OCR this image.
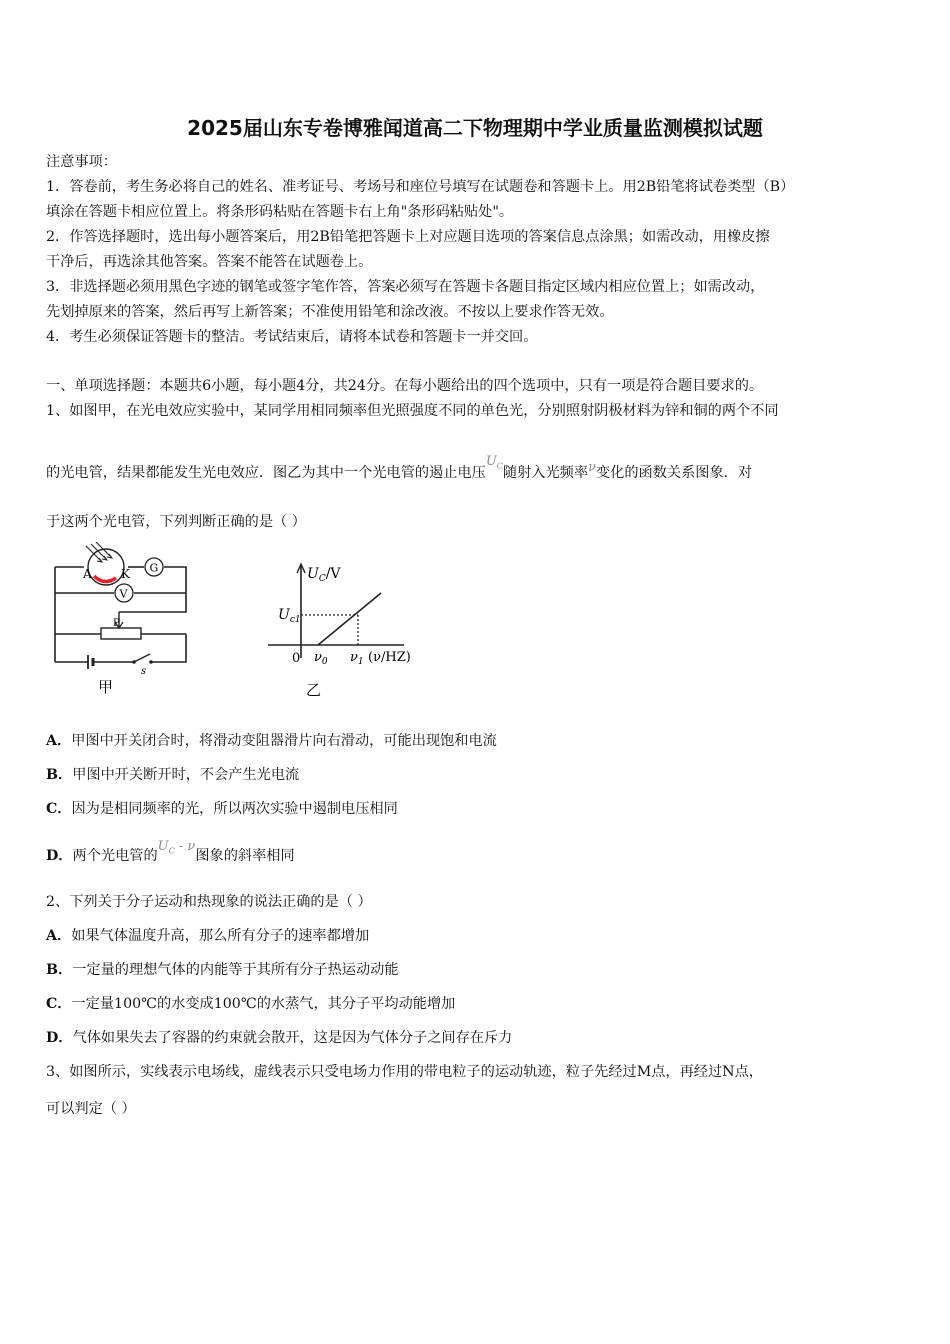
2025届山东专卷博雅闻道高二下物理期中学业质量监测模拟试题
注意事项：
1．答卷前，考生务必将自己的姓名、准考证号、考场号和座位号填写在试题卷和答题卡上。用2B铅笔将试卷类型（B）
填涂在答题卡相应位置上。将条形码粘贴在答题卡右上角"条形码粘贴处"。
2．作答选择题时，选出每小题答案后，用2B铅笔把答题卡上对应题目选项的答案信息点涂黑；如需改动，用橡皮擦
干净后，再选涂其他答案。答案不能答在试题卷上。
3．非选择题必须用黑色字迹的钢笔或签字笔作答，答案必须写在答题卡各题目指定区域内相应位置上；如需改动，
先划掉原来的答案，然后再写上新答案；不准使用铅笔和涂改液。不按以上要求作答无效。
4．考生必须保证答题卡的整洁。考试结束后，请将本试卷和答题卡一并交回。
一、单项选择题：本题共6小题，每小题4分，共24分。在每小题给出的四个选项中，只有一项是符合题目要求的。
1、如图甲，在光电效应实验中，某同学用相同频率但光照强度不同的单色光，分别照射阴极材料为锌和铜的两个不同
的光电管，结果都能发生光电效应．图乙为其中一个光电管的遏止电压$U_C$随射入光频率ν变化的函数关系图象．对
于这两个光电管，下列判断正确的是（ ）
A K G
V
P
s
甲
$U_C/V$
$U_{c1}$
0 $\nu_0$ $\nu_1$ (ν/HZ)
乙
A．甲图中开关闭合时，将滑动变阻器滑片向右滑动，可能出现饱和电流
B．甲图中开关断开时，不会产生光电流
C．因为是相同频率的光，所以两次实验中遏制电压相同
D．两个光电管的$U_C$ - ν图象的斜率相同
2、下列关于分子运动和热现象的说法正确的是（ ）
A．如果气体温度升高，那么所有分子的速率都增加
B．一定量的理想气体的内能等于其所有分子热运动动能
C．一定量100℃的水变成100℃的水蒸气，其分子平均动能增加
D．气体如果失去了容器的约束就会散开，这是因为气体分子之间存在斥力
3、如图所示，实线表示电场线，虚线表示只受电场力作用的带电粒子的运动轨迹，粒子先经过M点，再经过N点，
可以判定（ ）
